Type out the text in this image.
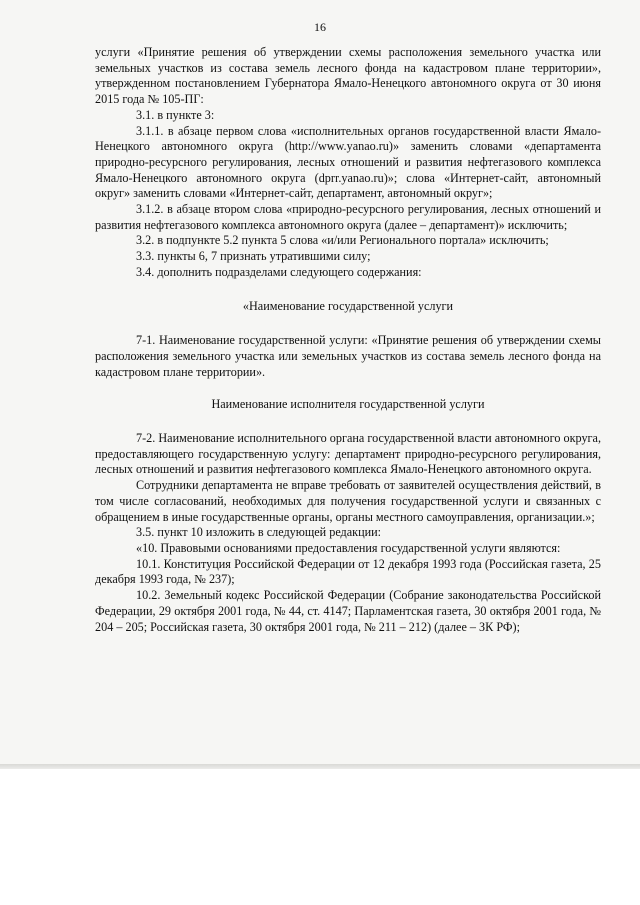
16

услуги «Принятие решения об утверждении схемы расположения земельного участка или земельных участков из состава земель лесного фонда на кадастровом плане территории», утвержденном постановлением Губернатора Ямало-Ненецкого автономного округа от 30 июня 2015 года № 105-ПГ:

3.1. в пункте 3:

3.1.1. в абзаце первом слова «исполнительных органов государственной власти Ямало-Ненецкого автономного округа (http://www.yanao.ru)» заменить словами «департамента природно-ресурсного регулирования, лесных отношений и развития нефтегазового комплекса Ямало-Ненецкого автономного округа (dprr.yanao.ru)»; слова «Интернет-сайт, автономный округ» заменить словами «Интернет-сайт, департамент, автономный округ»;

3.1.2. в абзаце втором слова «природно-ресурсного регулирования, лесных отношений и развития нефтегазового комплекса автономного округа (далее – департамент)» исключить;

3.2. в подпункте 5.2 пункта 5 слова «и/или Регионального портала» исключить;

3.3. пункты 6, 7 признать утратившими силу;

3.4. дополнить подразделами следующего содержания:

«Наименование государственной услуги

7-1. Наименование государственной услуги: «Принятие решения об утверждении схемы расположения земельного участка или земельных участков из состава земель лесного фонда на кадастровом плане территории».

Наименование исполнителя государственной услуги

7-2. Наименование исполнительного органа государственной власти автономного округа, предоставляющего государственную услугу: департамент природно-ресурсного регулирования, лесных отношений и развития нефтегазового комплекса Ямало-Ненецкого автономного округа.

Сотрудники департамента не вправе требовать от заявителей осуществления действий, в том числе согласований, необходимых для получения государственной услуги и связанных с обращением в иные государственные органы, органы местного самоуправления, организации.»;

3.5. пункт 10 изложить в следующей редакции:

«10. Правовыми основаниями предоставления государственной услуги являются:

10.1. Конституция Российской Федерации от 12 декабря 1993 года (Российская газета, 25 декабря 1993 года, № 237);

10.2. Земельный кодекс Российской Федерации (Собрание законодательства Российской Федерации, 29 октября 2001 года, № 44, ст. 4147; Парламентская газета, 30 октября 2001 года, № 204 – 205; Российская газета, 30 октября 2001 года, № 211 – 212) (далее – ЗК РФ);
